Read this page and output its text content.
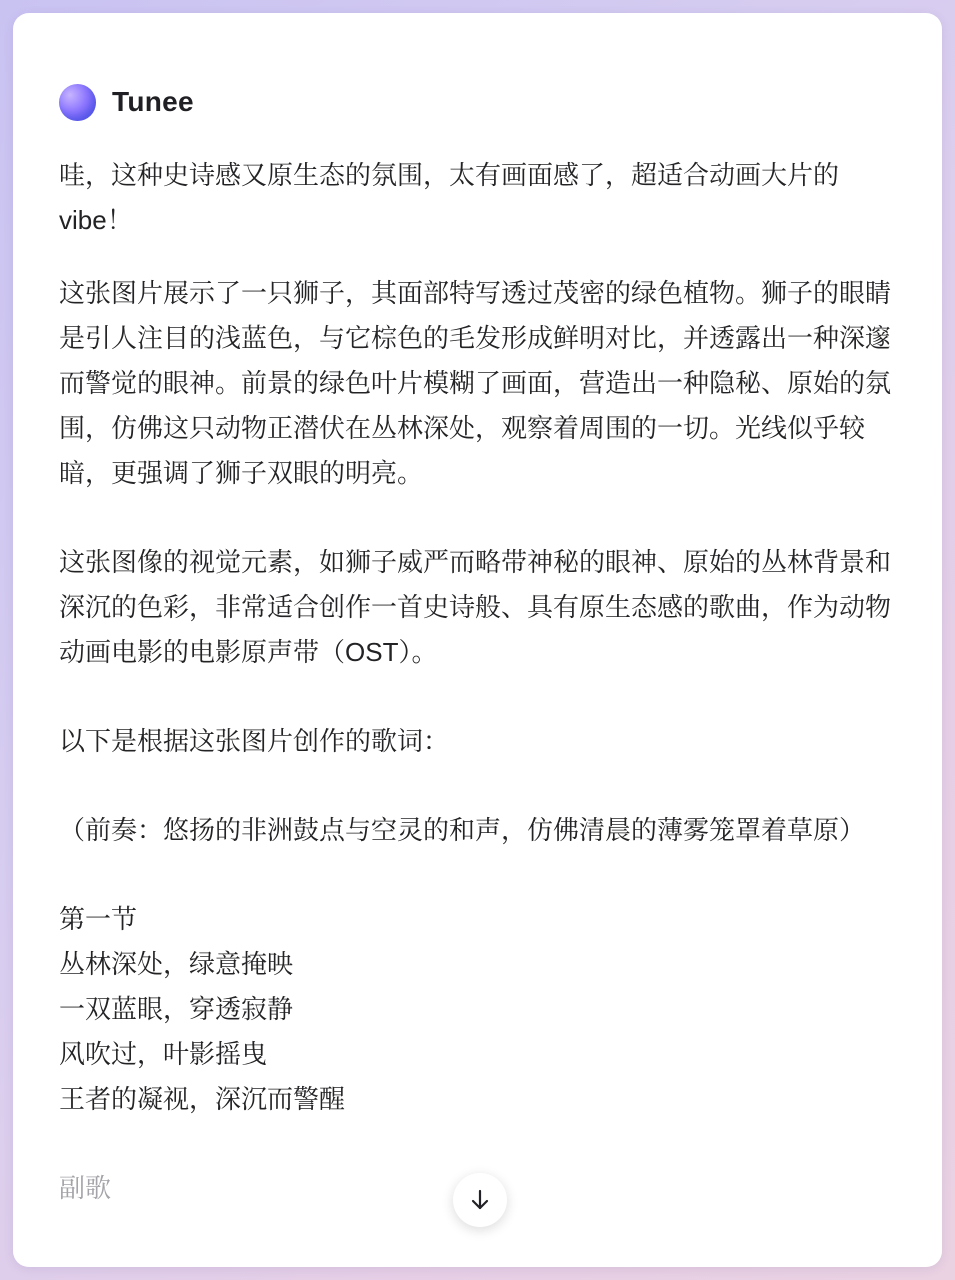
Tunee

哇，这种史诗感又原生态的氛围，太有画面感了，超适合动画大片的vibe！

这张图片展示了一只狮子，其面部特写透过茂密的绿色植物。狮子的眼睛是引人注目的浅蓝色，与它棕色的毛发形成鲜明对比，并透露出一种深邃而警觉的眼神。前景的绿色叶片模糊了画面，营造出一种隐秘、原始的氛围，仿佛这只动物正潜伏在丛林深处，观察着周围的一切。光线似乎较暗，更强调了狮子双眼的明亮。

这张图像的视觉元素，如狮子威严而略带神秘的眼神、原始的丛林背景和深沉的色彩，非常适合创作一首史诗般、具有原生态感的歌曲，作为动物动画电影的电影原声带（OST）。

以下是根据这张图片创作的歌词：

（前奏：悠扬的非洲鼓点与空灵的和声，仿佛清晨的薄雾笼罩着草原）

第一节

丛林深处，绿意掩映

一双蓝眼，穿透寂静

风吹过，叶影摇曳

王者的凝视，深沉而警醒

副歌
